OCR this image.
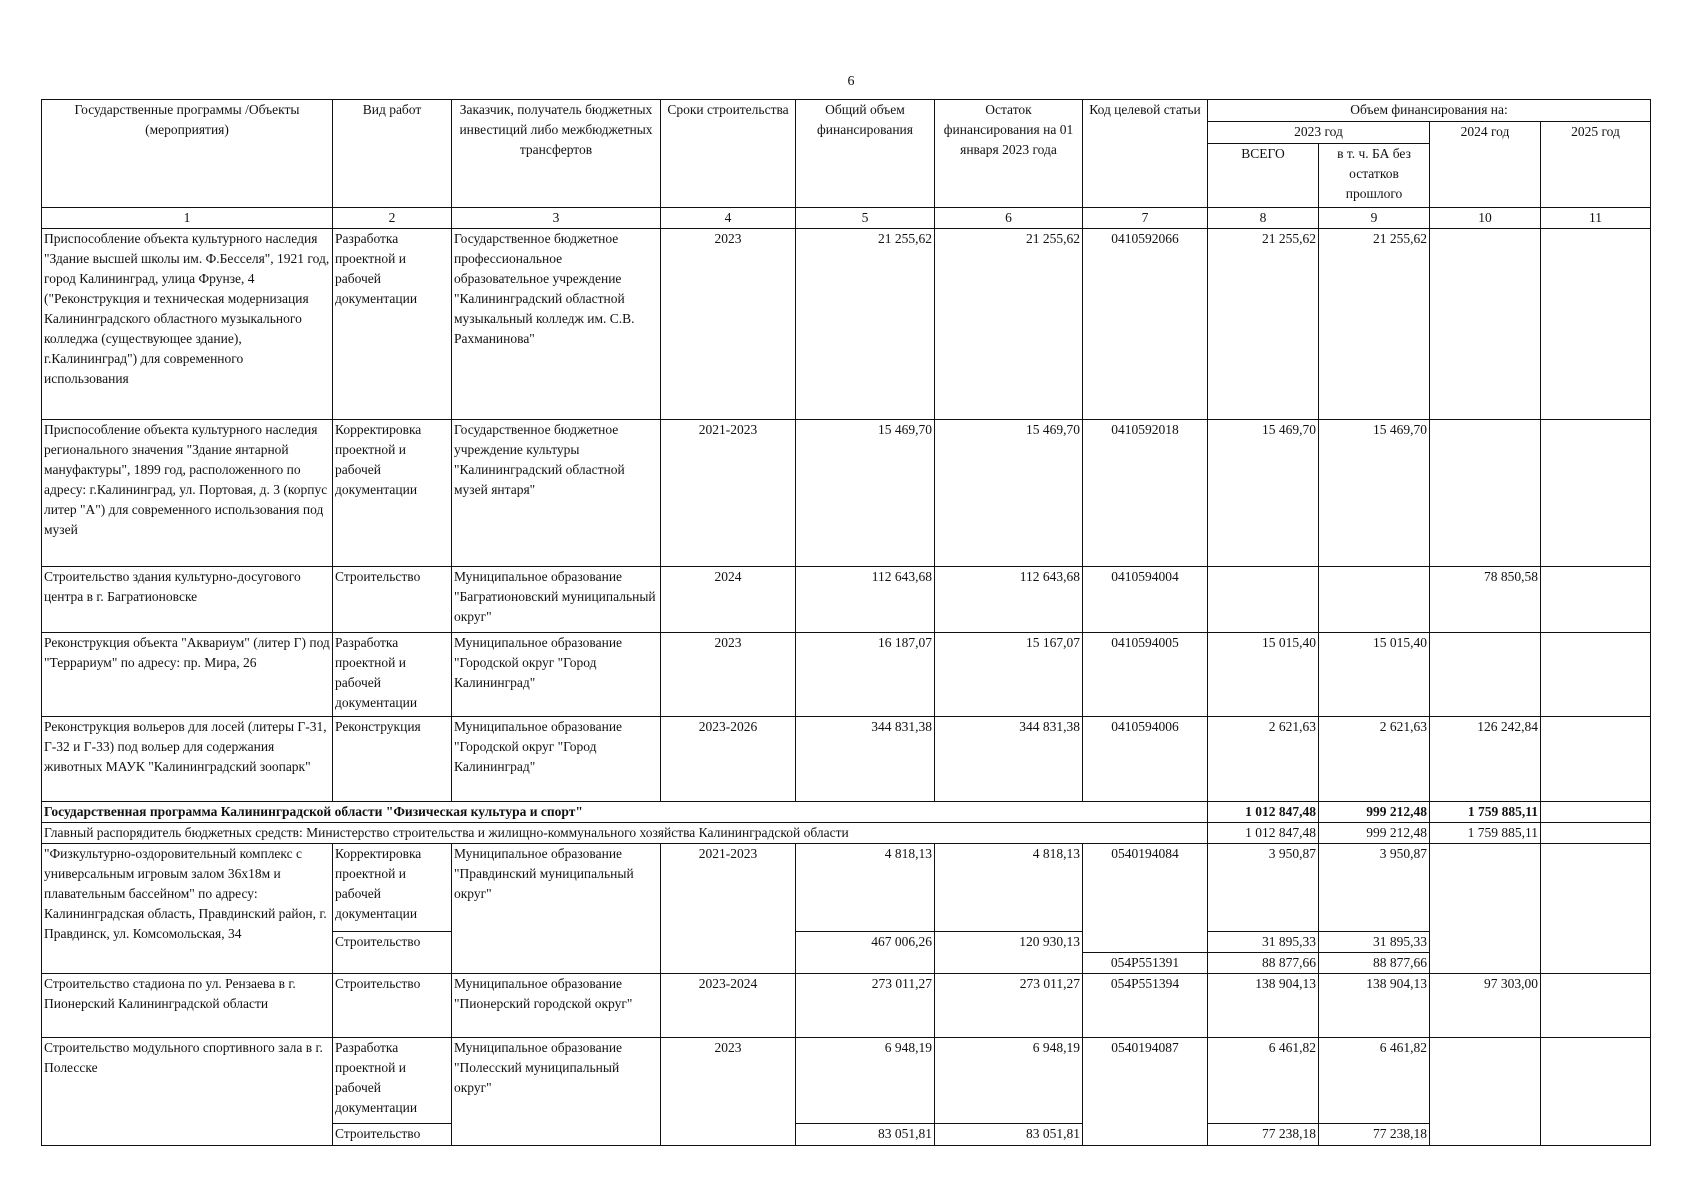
6
Государственные программы /Объекты (мероприятия)	Вид работ	Заказчик, получатель бюджетных инвестиций либо межбюджетных трансфертов	Сроки строительства	Общий объем финансирования	Остаток финансирования на 01 января 2023 года	Код целевой статьи	Объем финансирования на:			
							2023 год		2024 год	2025 год
							ВСЕГО	в т. ч. БА без остатков прошлого		
1	2	3	4	5	6	7	8	9	10	11
Приспособление объекта культурного наследия "Здание высшей школы им. Ф.Бесселя", 1921 год, город Калининград, улица Фрунзе, 4 ("Реконструкция и техническая модернизация Калининградского областного музыкального колледжа (существующее здание), г.Калининград") для современного использования	Разработка проектной и рабочей документации	Государственное бюджетное профессиональное образовательное учреждение "Калининградский областной музыкальный колледж им. С.В. Рахманинова"	2023	21 255,62	21 255,62	0410592066	21 255,62	21 255,62		
Приспособление объекта культурного наследия регионального значения "Здание янтарной мануфактуры", 1899 год, расположенного по адресу: г.Калининград, ул. Портовая, д. 3 (корпус литер "А") для современного использования под музей	Корректировка проектной и рабочей документации	Государственное бюджетное учреждение культуры "Калининградский областной музей янтаря"	2021-2023	15 469,70	15 469,70	0410592018	15 469,70	15 469,70		
Строительство здания культурно-досугового центра в г. Багратионовске	Строительство	Муниципальное образование "Багратионовский муниципальный округ"	2024	112 643,68	112 643,68	0410594004			78 850,58	
Реконструкция объекта "Аквариум" (литер Г) под "Террариум" по адресу: пр. Мира, 26	Разработка проектной и рабочей документации	Муниципальное образование "Городской округ "Город Калининград"	2023	16 187,07	15 167,07	0410594005	15 015,40	15 015,40		
Реконструкция вольеров для лосей (литеры Г-31, Г-32 и Г-33) под вольер для содержания животных МАУК "Калининградский зоопарк"	Реконструкция	Муниципальное образование "Городской округ "Город Калининград"	2023-2026	344 831,38	344 831,38	0410594006	2 621,63	2 621,63	126 242,84	
Государственная программа Калининградской области "Физическая культура и спорт"							1 012 847,48	999 212,48	1 759 885,11	
Главный распорядитель бюджетных средств: Министерство строительства и жилищно-коммунального хозяйства Калининградской области							1 012 847,48	999 212,48	1 759 885,11	
"Физкультурно-оздоровительный комплекс с универсальным игровым залом 36х18м и плавательным бассейном" по адресу: Калининградская область, Правдинский район, г. Правдинск, ул. Комсомольская, 34	Корректировка проектной и рабочей документации	Муниципальное образование "Правдинский муниципальный округ"	2021-2023	4 818,13	4 818,13	0540194084	3 950,87	3 950,87		
	Строительство			467 006,26	120 930,13		31 895,33	31 895,33		
						054P551391	88 877,66	88 877,66		
Строительство стадиона по ул. Рензаева в г. Пионерский Калининградской области	Строительство	Муниципальное образование "Пионерский городской округ"	2023-2024	273 011,27	273 011,27	054P551394	138 904,13	138 904,13	97 303,00	
Строительство модульного спортивного зала в г. Полесске	Разработка проектной и рабочей документации	Муниципальное образование "Полесский муниципальный округ"	2023	6 948,19	6 948,19	0540194087	6 461,82	6 461,82		
	Строительство			83 051,81	83 051,81		77 238,18	77 238,18		
